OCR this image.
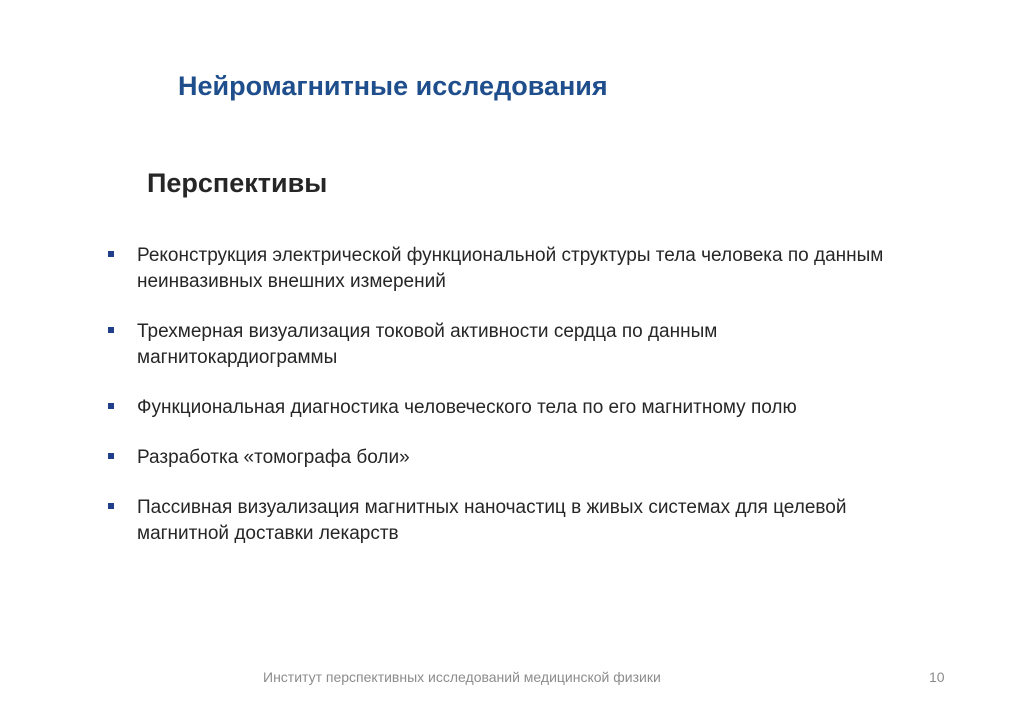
Нейромагнитные исследования
Перспективы
Реконструкция электрической функциональной структуры тела человека по данным неинвазивных внешних измерений
Трехмерная визуализация токовой активности сердца по данным магнитокардиограммы
Функциональная диагностика человеческого тела по его магнитному полю
Разработка «томографа боли»
Пассивная визуализация магнитных наночастиц в живых системах для целевой магнитной доставки лекарств
Институт перспективных исследований медицинской физики	10
